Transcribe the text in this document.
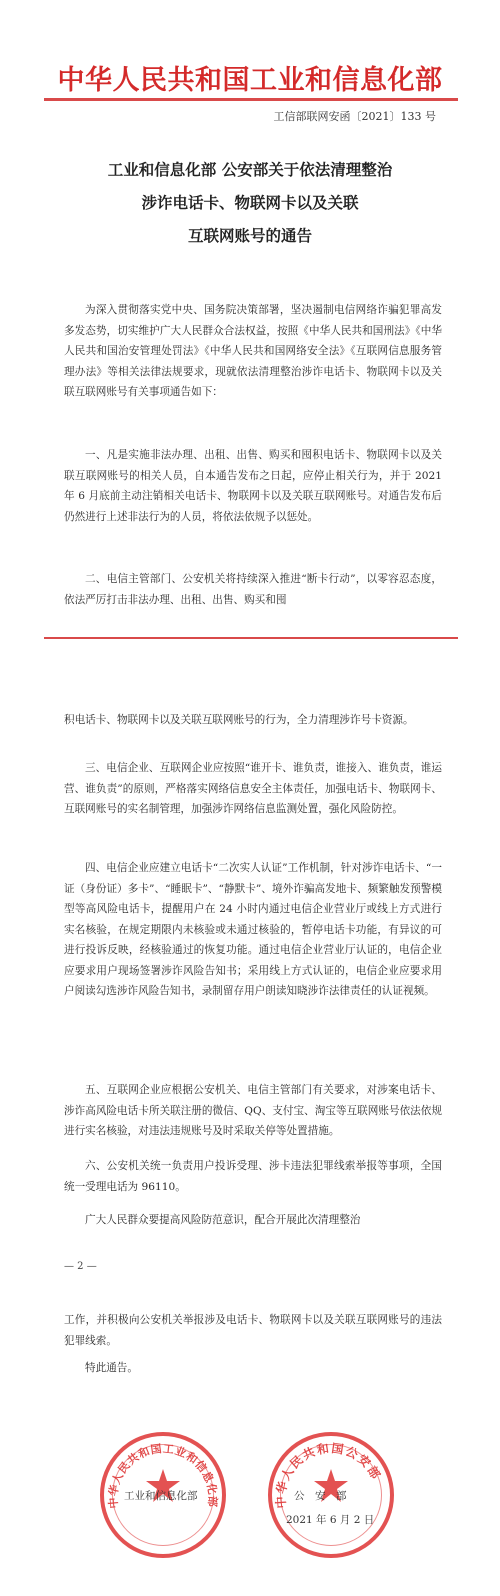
中华人民共和国工业和信息化部
工信部联网安函〔2021〕133 号
工业和信息化部 公安部关于依法清理整治
涉诈电话卡、物联网卡以及关联
互联网账号的通告

为深入贯彻落实党中央、国务院决策部署，坚决遏制电信网络诈骗犯罪高发多发态势，切实维护广大人民群众合法权益，按照《中华人民共和国刑法》《中华人民共和国治安管理处罚法》《中华人民共和国网络安全法》《互联网信息服务管理办法》等相关法律法规要求，现就依法清理整治涉诈电话卡、物联网卡以及关联互联网账号有关事项通告如下：

一、凡是实施非法办理、出租、出售、购买和囤积电话卡、物联网卡以及关联互联网账号的相关人员，自本通告发布之日起，应停止相关行为，并于 2021 年 6 月底前主动注销相关电话卡、物联网卡以及关联互联网账号。对通告发布后仍然进行上述非法行为的人员，将依法依规予以惩处。

二、电信主管部门、公安机关将持续深入推进“断卡行动”，以零容忍态度，依法严厉打击非法办理、出租、出售、购买和囤

积电话卡、物联网卡以及关联互联网账号的行为，全力清理涉诈号卡资源。

三、电信企业、互联网企业应按照“谁开卡、谁负责，谁接入、谁负责，谁运营、谁负责”的原则，严格落实网络信息安全主体责任，加强电话卡、物联网卡、互联网账号的实名制管理，加强涉诈网络信息监测处置，强化风险防控。

四、电信企业应建立电话卡“二次实人认证”工作机制，针对涉诈电话卡、“一证（身份证）多卡”、“睡眠卡”、“静默卡”、境外诈骗高发地卡、频繁触发预警模型等高风险电话卡，提醒用户在 24 小时内通过电信企业营业厅或线上方式进行实名核验，在规定期限内未核验或未通过核验的，暂停电话卡功能，有异议的可进行投诉反映，经核验通过的恢复功能。通过电信企业营业厅认证的，电信企业应要求用户现场签署涉诈风险告知书；采用线上方式认证的，电信企业应要求用户阅读勾选涉诈风险告知书，录制留存用户朗读知晓涉诈法律责任的认证视频。

五、互联网企业应根据公安机关、电信主管部门有关要求，对涉案电话卡、涉诈高风险电话卡所关联注册的微信、QQ、支付宝、淘宝等互联网账号依法依规进行实名核验，对违法违规账号及时采取关停等处置措施。

六、公安机关统一负责用户投诉受理、涉卡违法犯罪线索举报等事项，全国统一受理电话为 96110。

广大人民群众要提高风险防范意识，配合开展此次清理整治

— 2 —

工作，并积极向公安机关举报涉及电话卡、物联网卡以及关联互联网账号的违法犯罪线索。

特此通告。

中华人民共和国工业和信息化部	中华人民共和国公安部
工业和信息化部	公　安　部
2021 年 6 月 2 日
